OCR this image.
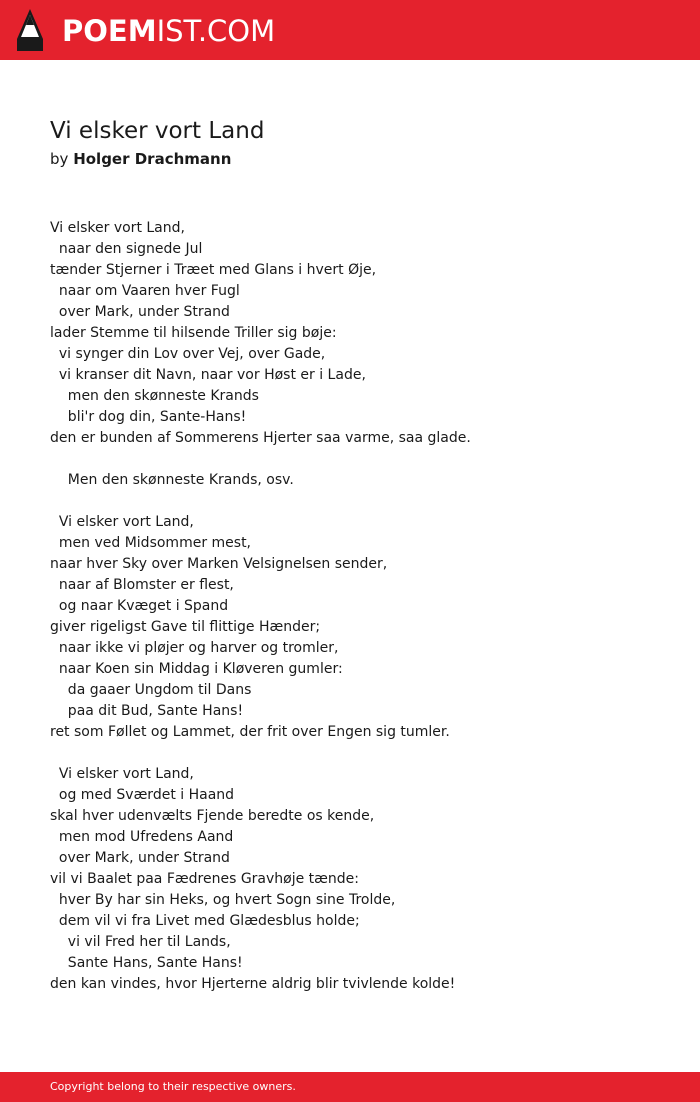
POEMIST.COM
Vi elsker vort Land
by Holger Drachmann
Vi elsker vort Land,
naar den signede Jul
tænder Stjerner i Træet med Glans i hvert Øje,
naar om Vaaren hver Fugl
over Mark, under Strand
lader Stemme til hilsende Triller sig bøje:
vi synger din Lov over Vej, over Gade,
vi kranser dit Navn, naar vor Høst er i Lade,
men den skønneste Krands
bli'r dog din, Sante-Hans!
den er bunden af Sommerens Hjerter saa varme, saa glade.
Men den skønneste Krands, osv.
Vi elsker vort Land,
men ved Midsommer mest,
naar hver Sky over Marken Velsignelsen sender,
naar af Blomster er flest,
og naar Kvæget i Spand
giver rigeligst Gave til flittige Hænder;
naar ikke vi pløjer og harver og tromler,
naar Koen sin Middag i Kløveren gumler:
da gaaer Ungdom til Dans
paa dit Bud, Sante Hans!
ret som Føllet og Lammet, der frit over Engen sig tumler.
Vi elsker vort Land,
og med Sværdet i Haand
skal hver udenvælts Fjende beredte os kende,
men mod Ufredens Aand
over Mark, under Strand
vil vi Baalet paa Fædrenes Gravhøje tænde:
hver By har sin Heks, og hvert Sogn sine Trolde,
dem vil vi fra Livet med Glædesblus holde;
vi vil Fred her til Lands,
Sante Hans, Sante Hans!
den kan vindes, hvor Hjerterne aldrig blir tvivlende kolde!
Copyright belong to their respective owners.
